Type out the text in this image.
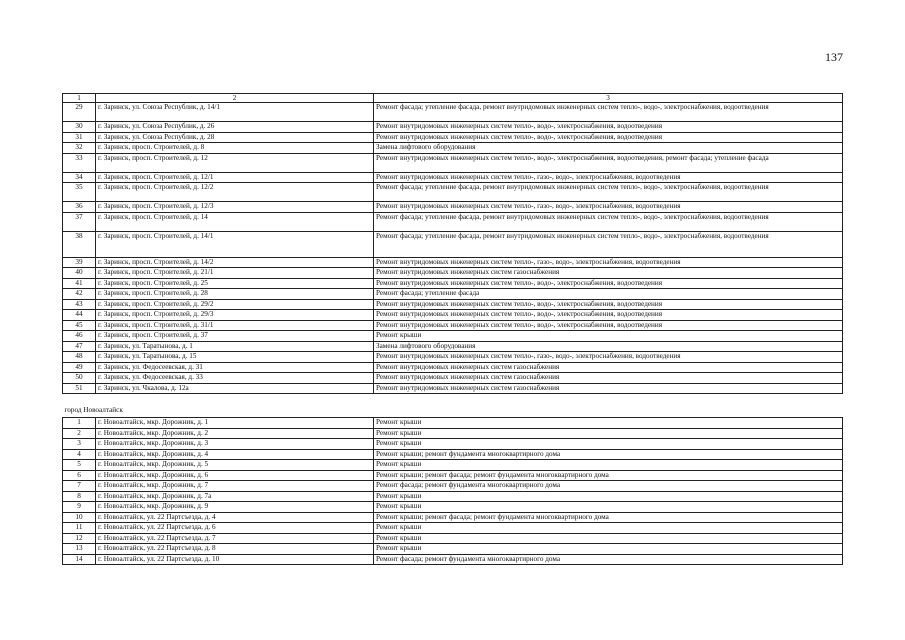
137
1	2	3
29	г. Заринск, ул. Союза Республик, д. 14/1	Ремонт фасада; утепление фасада, ремонт внутридомовых инженерных систем тепло-, водо-, электроснабжения, водоотведения
30	г. Заринск, ул. Союза Республик, д. 26	Ремонт внутридомовых инженерных систем тепло-, водо-, электроснабжения, водоотведения
31	г. Заринск, ул. Союза Республик, д. 28	Ремонт внутридомовых инженерных систем тепло-, водо-, электроснабжения, водоотведения
32	г. Заринск, просп. Строителей, д. 8	Замена лифтового оборудования
33	г. Заринск, просп. Строителей, д. 12	Ремонт внутридомовых инженерных систем тепло-, водо-, электроснабжения, водоотведения, ремонт фасада; утепление фасада
34	г. Заринск, просп. Строителей, д. 12/1	Ремонт внутридомовых инженерных систем тепло-, газо-, водо-, электроснабжения, водоотведения
35	г. Заринск, просп. Строителей, д. 12/2	Ремонт фасада; утепление фасада, ремонт внутридомовых инженерных систем тепло-, водо-, электроснабжения, водоотведения
36	г. Заринск, просп. Строителей, д. 12/3	Ремонт внутридомовых инженерных систем тепло-, газо-, водо-, электроснабжения, водоотведения
37	г. Заринск, просп. Строителей, д. 14	Ремонт фасада; утепление фасада, ремонт внутридомовых инженерных систем тепло-, водо-, электроснабжения, водоотведения
38	г. Заринск, просп. Строителей, д. 14/1	Ремонт фасада; утепление фасада, ремонт внутридомовых инженерных систем тепло-, водо-, электроснабжения, водоотведения
39	г. Заринск, просп. Строителей, д. 14/2	Ремонт внутридомовых инженерных систем тепло-, газо-, водо-, электроснабжения, водоотведения
40	г. Заринск, просп. Строителей, д. 21/1	Ремонт внутридомовых инженерных систем газоснабжения
41	г. Заринск, просп. Строителей, д. 25	Ремонт внутридомовых инженерных систем тепло-, водо-, электроснабжения, водоотведения
42	г. Заринск, просп. Строителей, д. 28	Ремонт фасада; утепление фасада
43	г. Заринск, просп. Строителей, д. 29/2	Ремонт внутридомовых инженерных систем тепло-, водо-, электроснабжения, водоотведения
44	г. Заринск, просп. Строителей, д. 29/3	Ремонт внутридомовых инженерных систем тепло-, водо-, электроснабжения, водоотведения
45	г. Заринск, просп. Строителей, д. 31/1	Ремонт внутридомовых инженерных систем тепло-, водо-, электроснабжения, водоотведения
46	г. Заринск, просп. Строителей, д. 37	Ремонт крыши
47	г. Заринск, ул. Таратынова, д. 1	Замена лифтового оборудования
48	г. Заринск, ул. Таратынова, д. 15	Ремонт внутридомовых инженерных систем тепло-, газо-, водо-, электроснабжения, водоотведения
49	г. Заринск, ул. Федосеевская, д. 31	Ремонт внутридомовых инженерных систем газоснабжения
50	г. Заринск, ул. Федосеевская, д. 33	Ремонт внутридомовых инженерных систем газоснабжения
51	г. Заринск, ул. Чкалова, д. 12а	Ремонт внутридомовых инженерных систем газоснабжения
город Новоалтайск		
1	г. Новоалтайск, мкр. Дорожник, д. 1	Ремонт крыши
2	г. Новоалтайск, мкр. Дорожник, д. 2	Ремонт крыши
3	г. Новоалтайск, мкр. Дорожник, д. 3	Ремонт крыши
4	г. Новоалтайск, мкр. Дорожник, д. 4	Ремонт крыши; ремонт фундамента многоквартирного дома
5	г. Новоалтайск, мкр. Дорожник, д. 5	Ремонт крыши
6	г. Новоалтайск, мкр. Дорожник, д. 6	Ремонт крыши; ремонт фасада; ремонт фундамента многоквартирного дома
7	г. Новоалтайск, мкр. Дорожник, д. 7	Ремонт фасада; ремонт фундамента многоквартирного дома
8	г. Новоалтайск, мкр. Дорожник, д. 7а	Ремонт крыши
9	г. Новоалтайск, мкр. Дорожник, д. 9	Ремонт крыши
10	г. Новоалтайск, ул. 22 Партсъезда, д. 4	Ремонт крыши; ремонт фасада; ремонт фундамента многоквартирного дома
11	г. Новоалтайск, ул. 22 Партсъезда, д. 6	Ремонт крыши
12	г. Новоалтайск, ул. 22 Партсъезда, д. 7	Ремонт крыши
13	г. Новоалтайск, ул. 22 Партсъезда, д. 8	Ремонт крыши
14	г. Новоалтайск, ул. 22 Партсъезда, д. 10	Ремонт фасада; ремонт фундамента многоквартирного дома
